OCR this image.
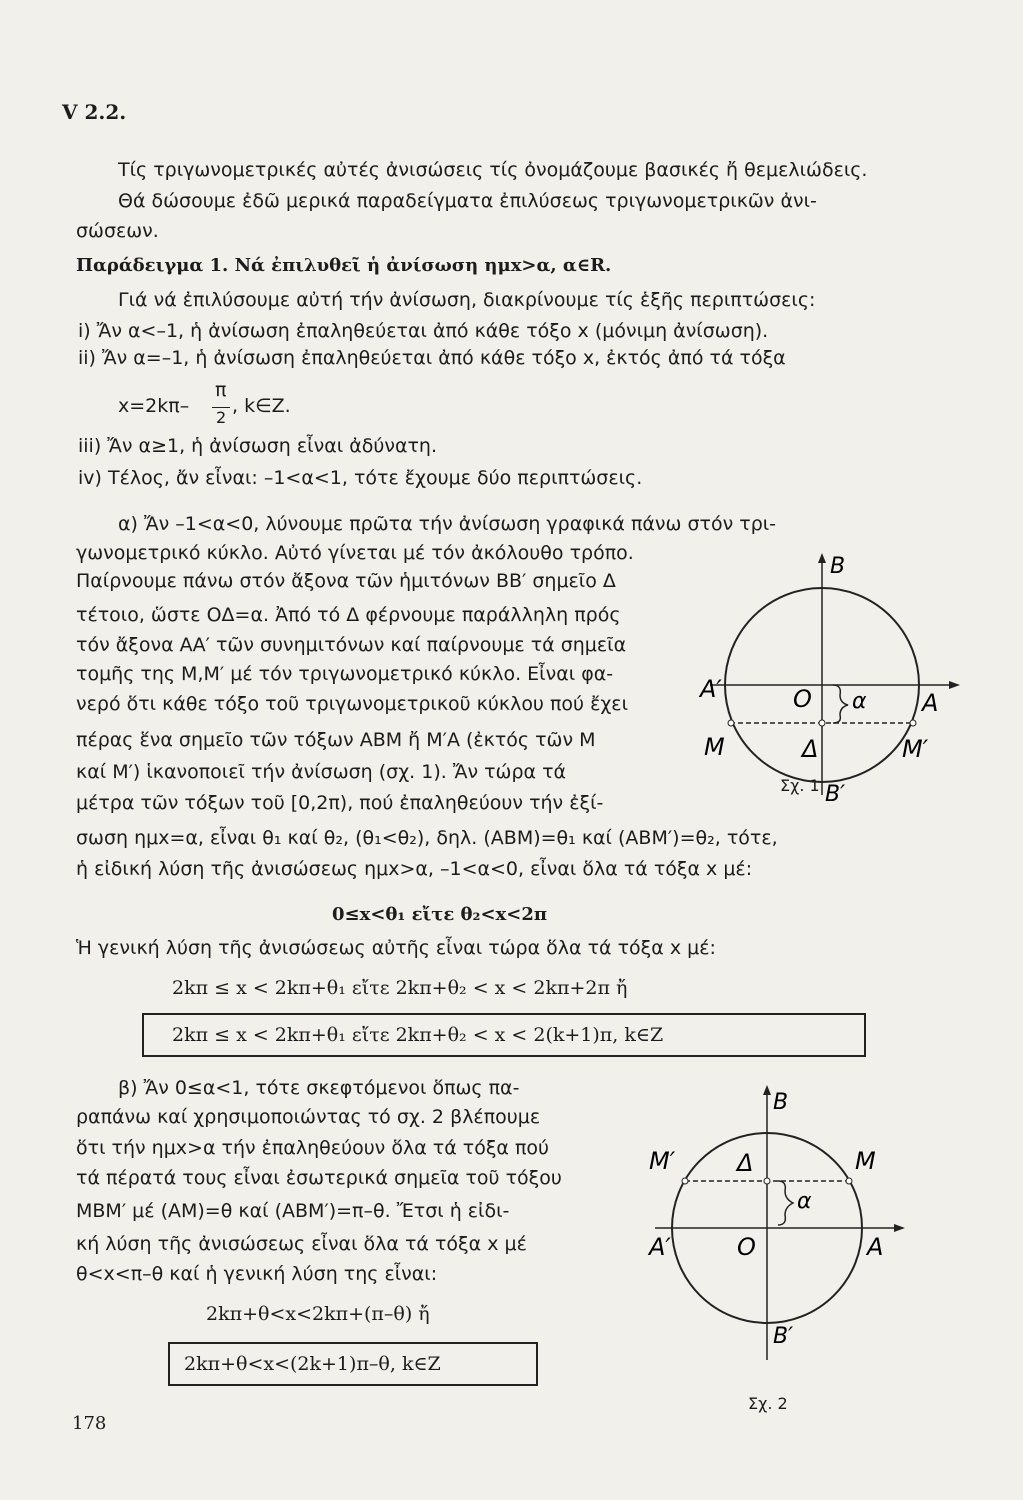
V 2.2.
Τίς τριγωνομετρικές αὐτές ἀνισώσεις τίς ὀνομάζουμε βασικές ἤ θεμελιώδεις.
Θά δώσουμε ἐδῶ μερικά παραδείγματα ἐπιλύσεως τριγωνομετρικῶν ἀνι-
σώσεων.
Παράδειγμα 1. Νά ἐπιλυθεῖ ἡ ἀνίσωση ημx>α, α∈R.
Γιά νά ἐπιλύσουμε αὐτή τήν ἀνίσωση, διακρίνουμε τίς ἑξῆς περιπτώσεις:
i) Ἄν α<–1, ἡ ἀνίσωση ἐπαληθεύεται ἀπό κάθε τόξο x (μόνιμη ἀνίσωση).
ii) Ἄν α=–1, ἡ ἀνίσωση ἐπαληθεύεται ἀπό κάθε τόξο x, ἐκτός ἀπό τά τόξα
x=2kπ–
π
2
, k∈Z.
iii) Ἄν α≥1, ἡ ἀνίσωση εἶναι ἀδύνατη.
iv) Τέλος, ἄν εἶναι: –1<α<1, τότε ἔχουμε δύο περιπτώσεις.
α) Ἄν –1<α<0, λύνουμε πρῶτα τήν ἀνίσωση γραφικά πάνω στόν τρι-
γωνομετρικό κύκλο. Αὐτό γίνεται μέ τόν ἀκόλουθο τρόπο.
Παίρνουμε πάνω στόν ἄξονα τῶν ἡμιτόνων ΒΒ′ σημεῖο Δ
τέτοιο, ὥστε ΟΔ=α. Ἀπό τό Δ φέρνουμε παράλληλη πρός
τόν ἄξονα ΑΑ′ τῶν συνημιτόνων καί παίρνουμε τά σημεῖα
τομῆς της Μ,Μ′ μέ τόν τριγωνομετρικό κύκλο. Εἶναι φα-
νερό ὅτι κάθε τόξο τοῦ τριγωνομετρικοῦ κύκλου πού ἔχει
πέρας ἕνα σημεῖο τῶν τόξων ΑΒΜ ἤ Μ′Α (ἐκτός τῶν Μ
καί Μ′) ἱκανοποιεῖ τήν ἀνίσωση (σχ. 1). Ἄν τώρα τά
μέτρα τῶν τόξων τοῦ [0,2π), πού ἐπαληθεύουν τήν ἐξί-
σωση ημx=α, εἶναι θ₁ καί θ₂, (θ₁<θ₂), δηλ. (ΑΒΜ)=θ₁ καί (ΑΒΜ′)=θ₂, τότε,
ἡ εἰδική λύση τῆς ἀνισώσεως ημx>α, –1<α<0, εἶναι ὅλα τά τόξα x μέ:
0≤x<θ₁ εἴτε θ₂<x<2π
Ἡ γενική λύση τῆς ἀνισώσεως αὐτῆς εἶναι τώρα ὅλα τά τόξα x μέ:
2kπ ≤ x < 2kπ+θ₁ εἴτε 2kπ+θ₂ < x < 2kπ+2π ἤ
2kπ ≤ x < 2kπ+θ₁ εἴτε 2kπ+θ₂ < x < 2(k+1)π, k∈Z
β) Ἄν 0≤α<1, τότε σκεφτόμενοι ὅπως πα-
ραπάνω καί χρησιμοποιώντας τό σχ. 2 βλέπουμε
ὅτι τήν ημx>α τήν ἐπαληθεύουν ὅλα τά τόξα πού
τά πέρατά τους εἶναι ἐσωτερικά σημεῖα τοῦ τόξου
ΜΒΜ′ μέ (ΑΜ)=θ καί (ΑΒΜ′)=π–θ. Ἔτσι ἡ εἰδι-
κή λύση τῆς ἀνισώσεως εἶναι ὅλα τά τόξα x μέ
θ<x<π–θ καί ἡ γενική λύση της εἶναι:
2kπ+θ<x<2kπ+(π–θ) ἤ
2kπ+θ<x<(2k+1)π–θ, k∈Z
B
A′	O α A
M	Δ	M′
B′
Σχ. 1
B
M′	Δ	M
α
A′	O	A
B′
Σχ. 2
178
